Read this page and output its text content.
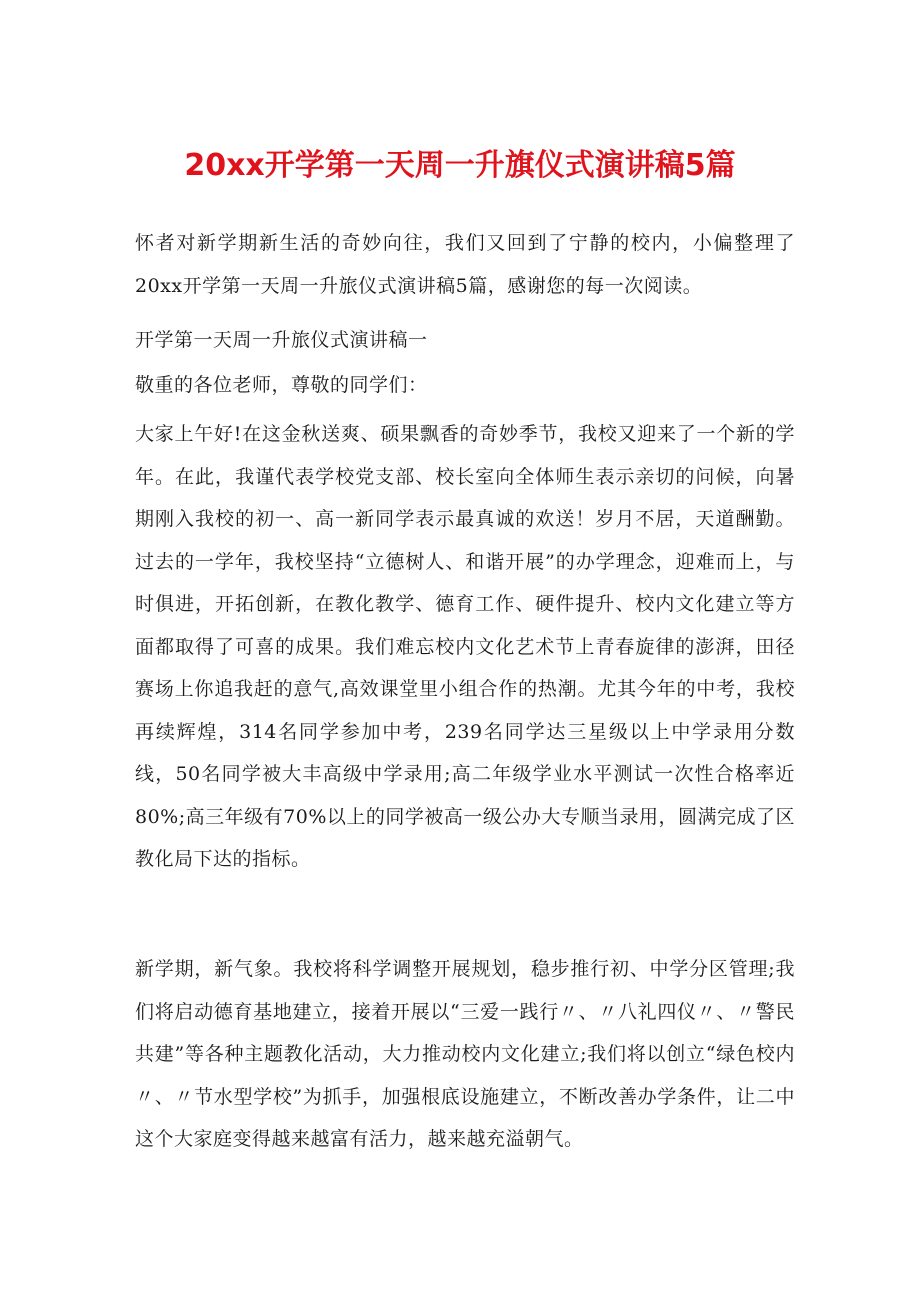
20xx开学第一天周一升旗仪式演讲稿5篇

怀者对新学期新生活的奇妙向往，我们又回到了宁静的校内，小偏整理了20xx开学第一天周一升旅仪式演讲稿5篇，感谢您的每一次阅读。

开学第一天周一升旅仪式演讲稿一

敬重的各位老师，尊敬的同学们：

大家上午好!在这金秋送爽、硕果飘香的奇妙季节，我校又迎来了一个新的学年。在此，我谨代表学校党支部、校长室向全体师生表示亲切的问候，向暑期刚入我校的初一、高一新同学表示最真诚的欢送！岁月不居，天道酬勤。过去的一学年，我校坚持“立德树人、和谐开展”的办学理念，迎难而上，与时俱进，开拓创新，在教化教学、德育工作、硬件提升、校内文化建立等方面都取得了可喜的成果。我们难忘校内文化艺术节上青春旋律的澎湃，田径赛场上你追我赶的意气,高效课堂里小组合作的热潮。尤其今年的中考，我校再续辉煌，314名同学参加中考，239名同学达三星级以上中学录用分数线，50名同学被大丰高级中学录用;高二年级学业水平测试一次性合格率近80%;高三年级有70%以上的同学被高一级公办大专顺当录用，圆满完成了区教化局下达的指标。

新学期，新气象。我校将科学调整开展规划，稳步推行初、中学分区管理;我们将启动德育基地建立，接着开展以“三爱一践行〃、〃八礼四仪〃、〃警民共建”等各种主题教化活动，大力推动校内文化建立;我们将以创立“绿色校内〃、〃节水型学校”为抓手，加强根底设施建立，不断改善办学条件，让二中这个大家庭变得越来越富有活力，越来越充溢朝气。
